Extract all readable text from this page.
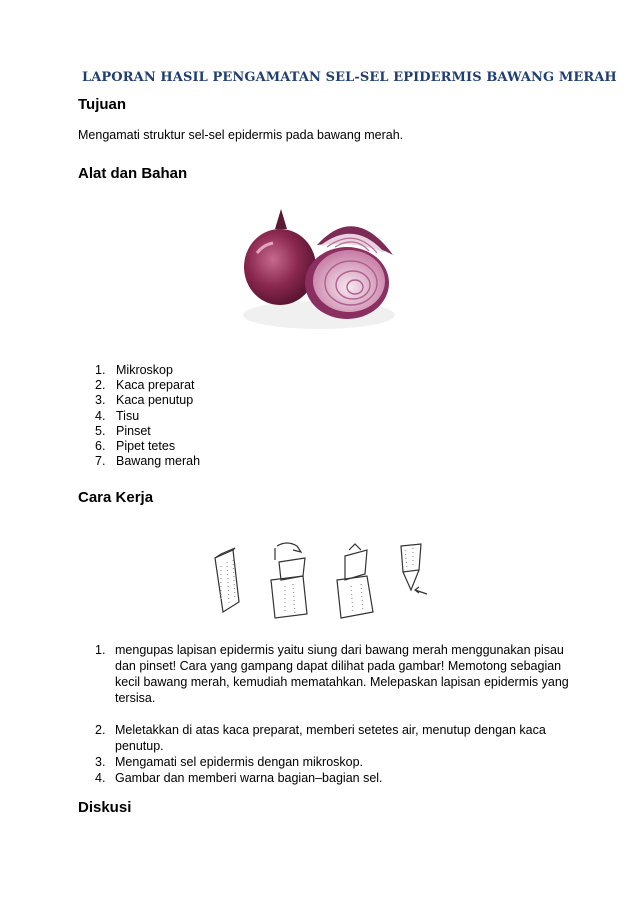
LAPORAN HASIL PENGAMATAN SEL-SEL EPIDERMIS BAWANG MERAH
Tujuan
Mengamati struktur sel-sel epidermis pada bawang merah.
Alat dan Bahan
1. Mikroskop
2. Kaca preparat
3. Kaca penutup
4. Tisu
5. Pinset
6. Pipet tetes
7. Bawang merah
Cara Kerja
1. mengupas lapisan epidermis yaitu siung dari bawang merah menggunakan pisau dan pinset! Cara yang gampang dapat dilihat pada gambar! Memotong sebagian kecil bawang merah, kemudiah mematahkan. Melepaskan lapisan epidermis yang tersisa.
2. Meletakkan di atas kaca preparat, memberi setetes air, menutup dengan kaca penutup.
3. Mengamati sel epidermis dengan mikroskop.
4. Gambar dan memberi warna bagian–bagian sel.
Diskusi
